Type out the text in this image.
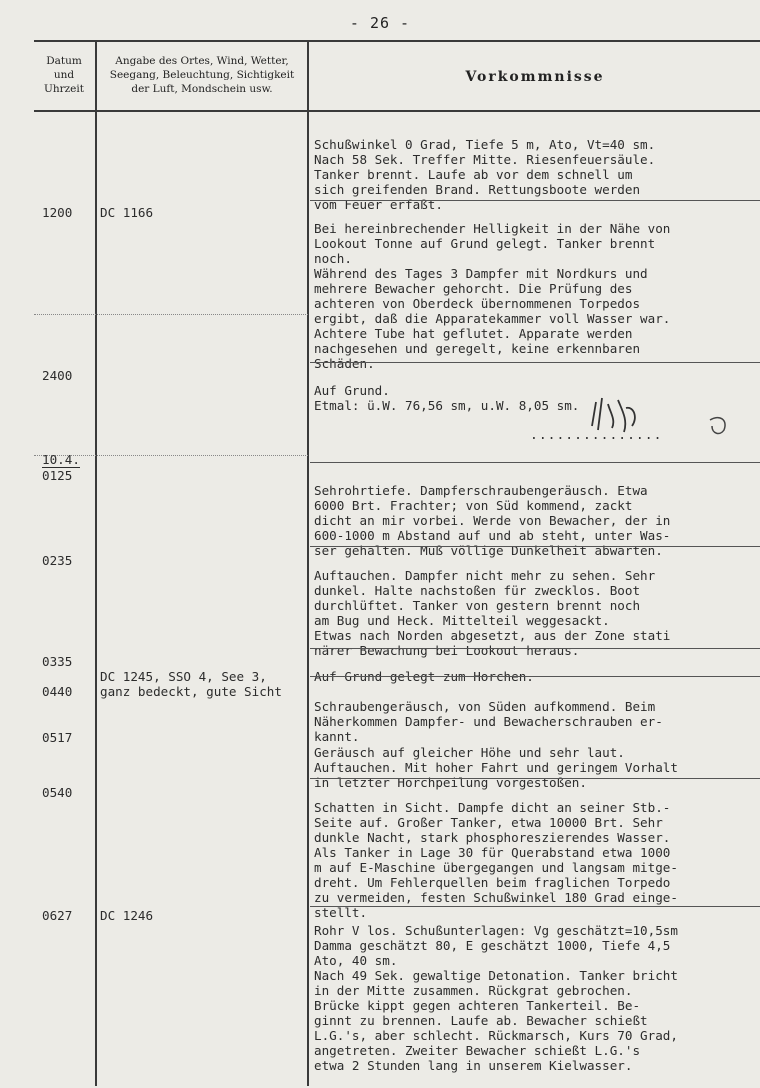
- 26 -
Datum
und
Uhrzeit
Angabe des Ortes, Wind, Wetter,
Seegang, Beleuchtung, Sichtigkeit
der Luft, Mondschein usw.
Vorkommnisse

Schußwinkel 0 Grad, Tiefe 5 m, Ato, Vt=40 sm.
Nach 58 Sek. Treffer Mitte. Riesenfeuersäule.
Tanker brennt. Laufe ab vor dem schnell um
sich greifenden Brand. Rettungsboote werden
vom Feuer erfaßt.

1200 DC 1166

Bei hereinbrechender Helligkeit in der Nähe von
Lookout Tonne auf Grund gelegt. Tanker brennt
noch.
Während des Tages 3 Dampfer mit Nordkurs und
mehrere Bewacher gehorcht. Die Prüfung des
achteren von Oberdeck übernommenen Torpedos
ergibt, daß die Apparatekammer voll Wasser war.
Achtere Tube hat geflutet. Apparate werden
nachgesehen und geregelt, keine erkennbaren
Schäden.

2400

Auf Grund.
Etmal: ü.W. 76,56 sm, u.W. 8,05 sm.

...............
10.4.
0125

Sehrohrtiefe. Dampferschraubengeräusch. Etwa
6000 Brt. Frachter; von Süd kommend, zackt
dicht an mir vorbei. Werde von Bewacher, der in
600-1000 m Abstand auf und ab steht, unter Was-
ser gehalten. Muß völlige Dunkelheit abwarten.

0235

Auftauchen. Dampfer nicht mehr zu sehen. Sehr
dunkel. Halte nachstoßen für zwecklos. Boot
durchlüftet. Tanker von gestern brennt noch
am Bug und Heck. Mittelteil weggesackt.
Etwas nach Norden abgesetzt, aus der Zone stati
närer Bewachung bei Lookout heraus.

0335

DC 1245, SSO 4, See 3,
ganz bedeckt, gute Sicht

Auf Grund gelegt zum Horchen.

0440

Schraubengeräusch, von Süden aufkommend. Beim
Näherkommen Dampfer- und Bewacherschrauben er-
kannt.

0517

Geräusch auf gleicher Höhe und sehr laut.
Auftauchen. Mit hoher Fahrt und geringem Vorhalt
in letzter Horchpeilung vorgestoßen.

0540

Schatten in Sicht. Dampfe dicht an seiner Stb.-
Seite auf. Großer Tanker, etwa 10000 Brt. Sehr
dunkle Nacht, stark phosphoreszierendes Wasser.
Als Tanker in Lage 30 für Querabstand etwa 1000
m auf E-Maschine übergegangen und langsam mitge-
dreht. Um Fehlerquellen beim fraglichen Torpedo
zu vermeiden, festen Schußwinkel 180 Grad einge-
stellt.

0627 DC 1246

Rohr V los. Schußunterlagen: Vg geschätzt=10,5sm
Damma geschätzt 80, E geschätzt 1000, Tiefe 4,5
Ato, 40 sm.
Nach 49 Sek. gewaltige Detonation. Tanker bricht
in der Mitte zusammen. Rückgrat gebrochen.
Brücke kippt gegen achteren Tankerteil. Be-
ginnt zu brennen. Laufe ab. Bewacher schießt
L.G.'s, aber schlecht. Rückmarsch, Kurs 70 Grad,
angetreten. Zweiter Bewacher schießt L.G.'s
etwa 2 Stunden lang in unserem Kielwasser.
